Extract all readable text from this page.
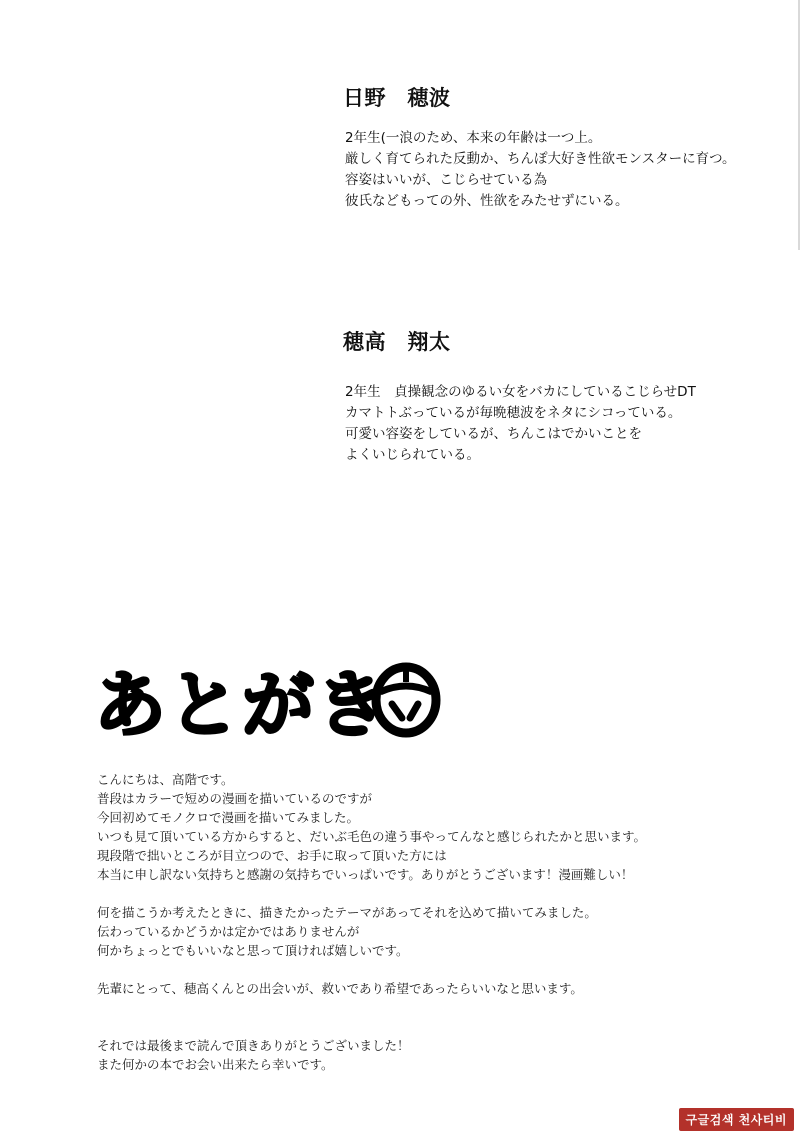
日野　穂波
2年生(一浪のため、本来の年齢は一つ上。
厳しく育てられた反動か、ちんぽ大好き性欲モンスターに育つ。
容姿はいいが、こじらせている為
彼氏などもっての外、性欲をみたせずにいる。
穂高　翔太
2年生　貞操観念のゆるい女をバカにしているこじらせDT
カマトトぶっているが毎晩穂波をネタにシコっている。
可愛い容姿をしているが、ちんこはでかいことを
よくいじられている。
あとがき
こんにちは、高階です。
普段はカラーで短めの漫画を描いているのですが
今回初めてモノクロで漫画を描いてみました。
いつも見て頂いている方からすると、だいぶ毛色の違う事やってんなと感じられたかと思います。
現段階で拙いところが目立つので、お手に取って頂いた方には
本当に申し訳ない気持ちと感謝の気持ちでいっぱいです。ありがとうございます！漫画難しい！
何を描こうか考えたときに、描きたかったテーマがあってそれを込めて描いてみました。
伝わっているかどうかは定かではありませんが
何かちょっとでもいいなと思って頂ければ嬉しいです。
先輩にとって、穂高くんとの出会いが、救いであり希望であったらいいなと思います。
それでは最後まで読んで頂きありがとうございました！
また何かの本でお会い出来たら幸いです。
구글검색 천사티비
